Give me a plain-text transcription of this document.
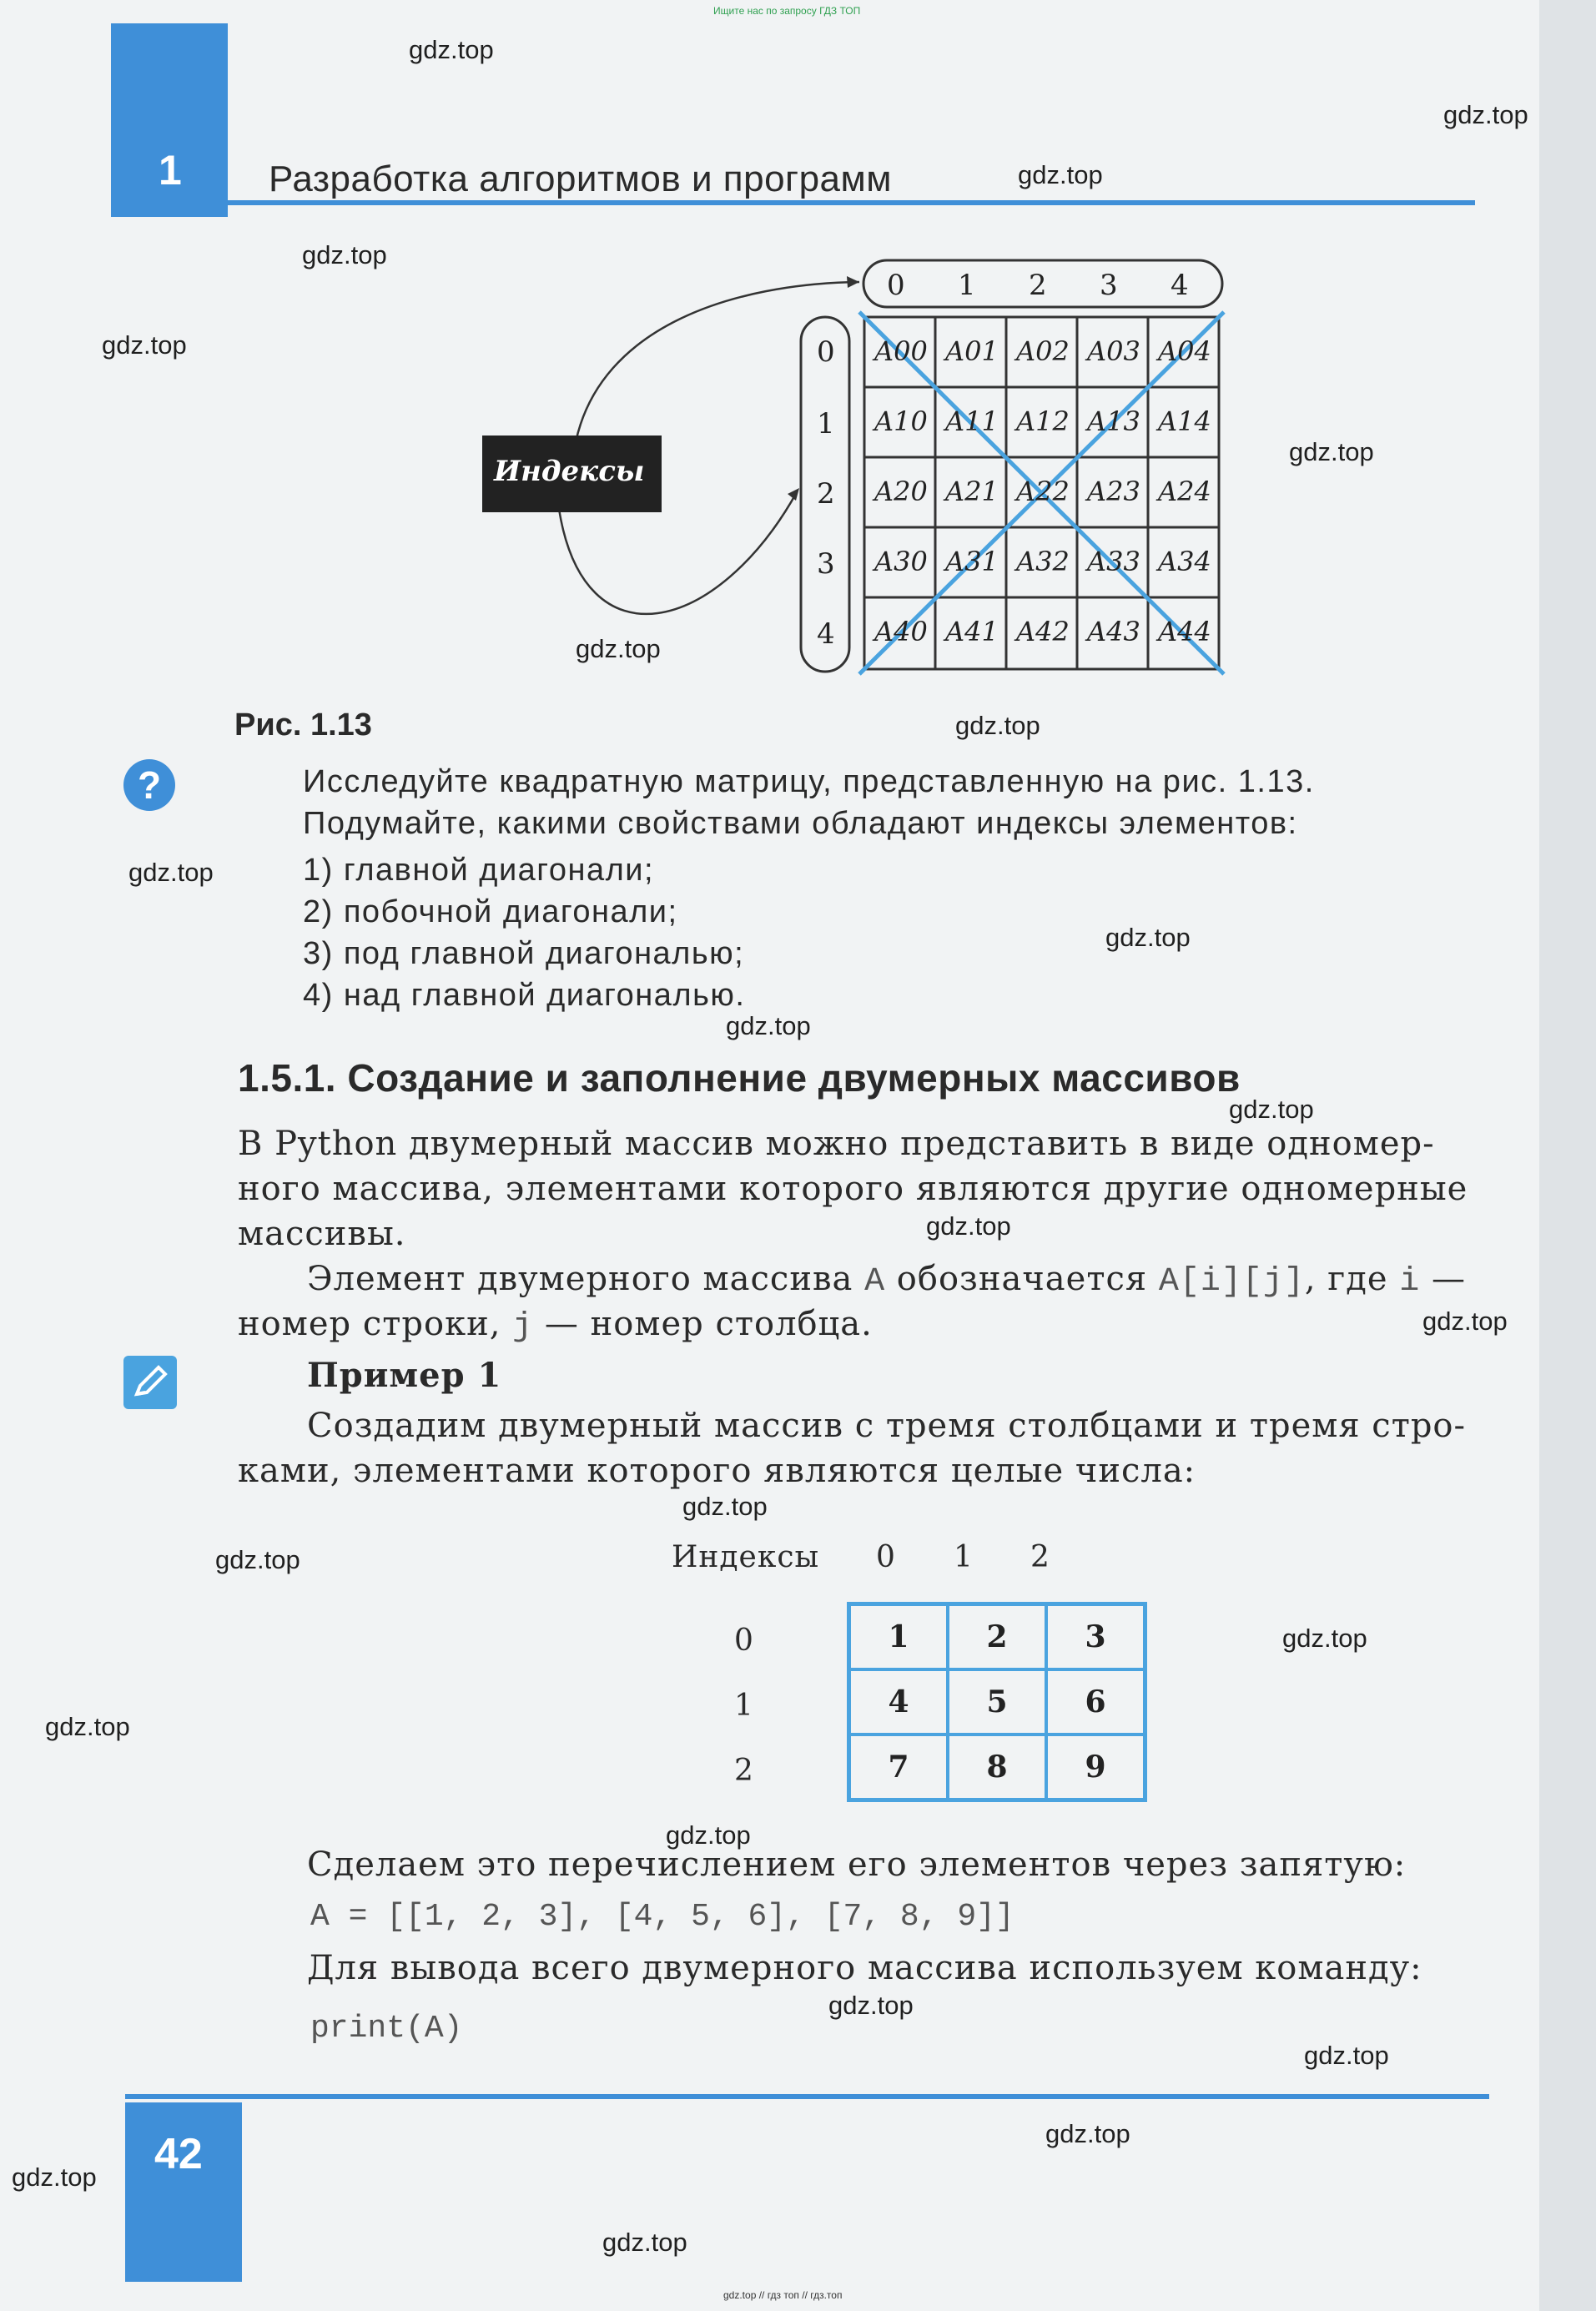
Ищите нас по запросу ГДЗ ТОП
1 Разработка алгоритмов и программ
Индексы
0 1 2 3 4
0
1
2
3
4
A00 A01 A02 A03 A04
A10 A11 A12 A13 A14
A20 A21 A22 A23 A24
A30 A31 A32 A33 A34
A40 A41 A42 A43 A44
Рис. 1.13
?	Исследуйте квадратную матрицу, представленную на рис. 1.13.
Подумайте, какими свойствами обладают индексы элементов:
1) главной диагонали;
2) побочной диагонали;
3) под главной диагональю;
4) над главной диагональю.
1.5.1. Создание и заполнение двумерных массивов
В Python двумерный массив можно представить в виде одномер-
ного массива, элементами которого являются другие одномерные
массивы.
Элемент двумерного массива A обозначается A[i][j], где i —
номер строки, j — номер столбца.
Пример 1
Создадим двумерный массив с тремя столбцами и тремя стро-
ками, элементами которого являются целые числа:
Индексы 0 1 2
0
1
2
1	2	3
4	5	6
7	8	9
Сделаем это перечислением его элементов через запятую:
A = [[1, 2, 3], [4, 5, 6], [7, 8, 9]]
Для вывода всего двумерного массива используем команду:
print(A)
42
gdz.top
gdz.top
gdz.top
gdz.top
gdz.top
gdz.top
gdz.top
gdz.top
gdz.top
gdz.top
gdz.top
gdz.top
gdz.top
gdz.top
gdz.top
gdz.top
gdz.top
gdz.top
gdz.top
gdz.top
gdz.top
gdz.top
gdz.top
gdz.top
gdz.top // гдз топ // гдз.топ
